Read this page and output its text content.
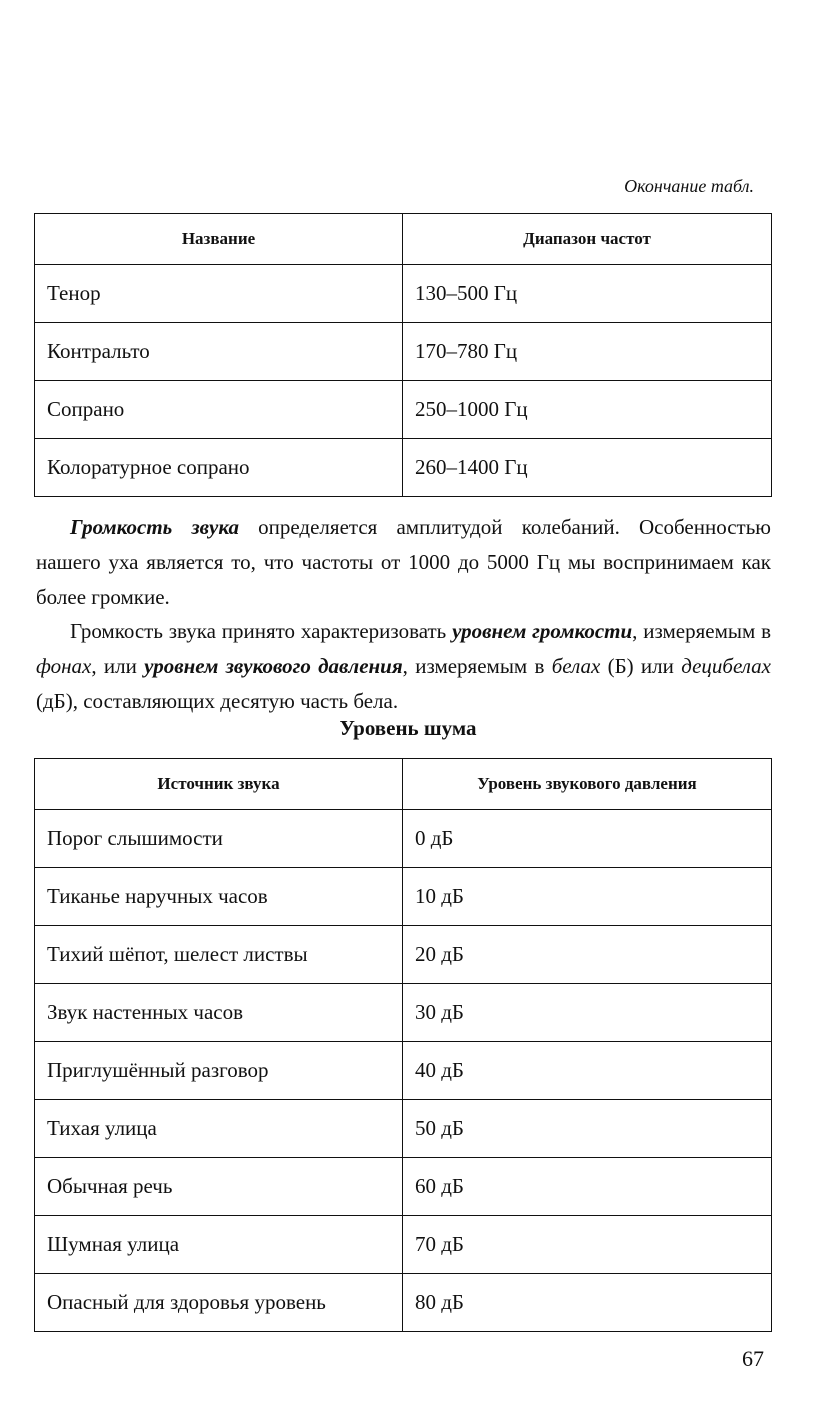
Окончание табл.
Название	Диапазон частот
Тенор	130–500 Гц
Контральто	170–780 Гц
Сопрано	250–1000 Гц
Колоратурное сопрано	260–1400 Гц

Громкость звука определяется амплитудой колебаний. Особенностью нашего уха является то, что частоты от 1000 до 5000 Гц мы воспринимаем как более громкие.

Громкость звука принято характеризовать уровнем громкости, измеряемым в фонах, или уровнем звукового давления, измеряемым в белах (Б) или децибелах (дБ), составляющих десятую часть бела.

Уровень шума
Источник звука	Уровень звукового давления
Порог слышимости	0 дБ
Тиканье наручных часов	10 дБ
Тихий шёпот, шелест листвы	20 дБ
Звук настенных часов	30 дБ
Приглушённый разговор	40 дБ
Тихая улица	50 дБ
Обычная речь	60 дБ
Шумная улица	70 дБ
Опасный для здоровья уровень	80 дБ
67
